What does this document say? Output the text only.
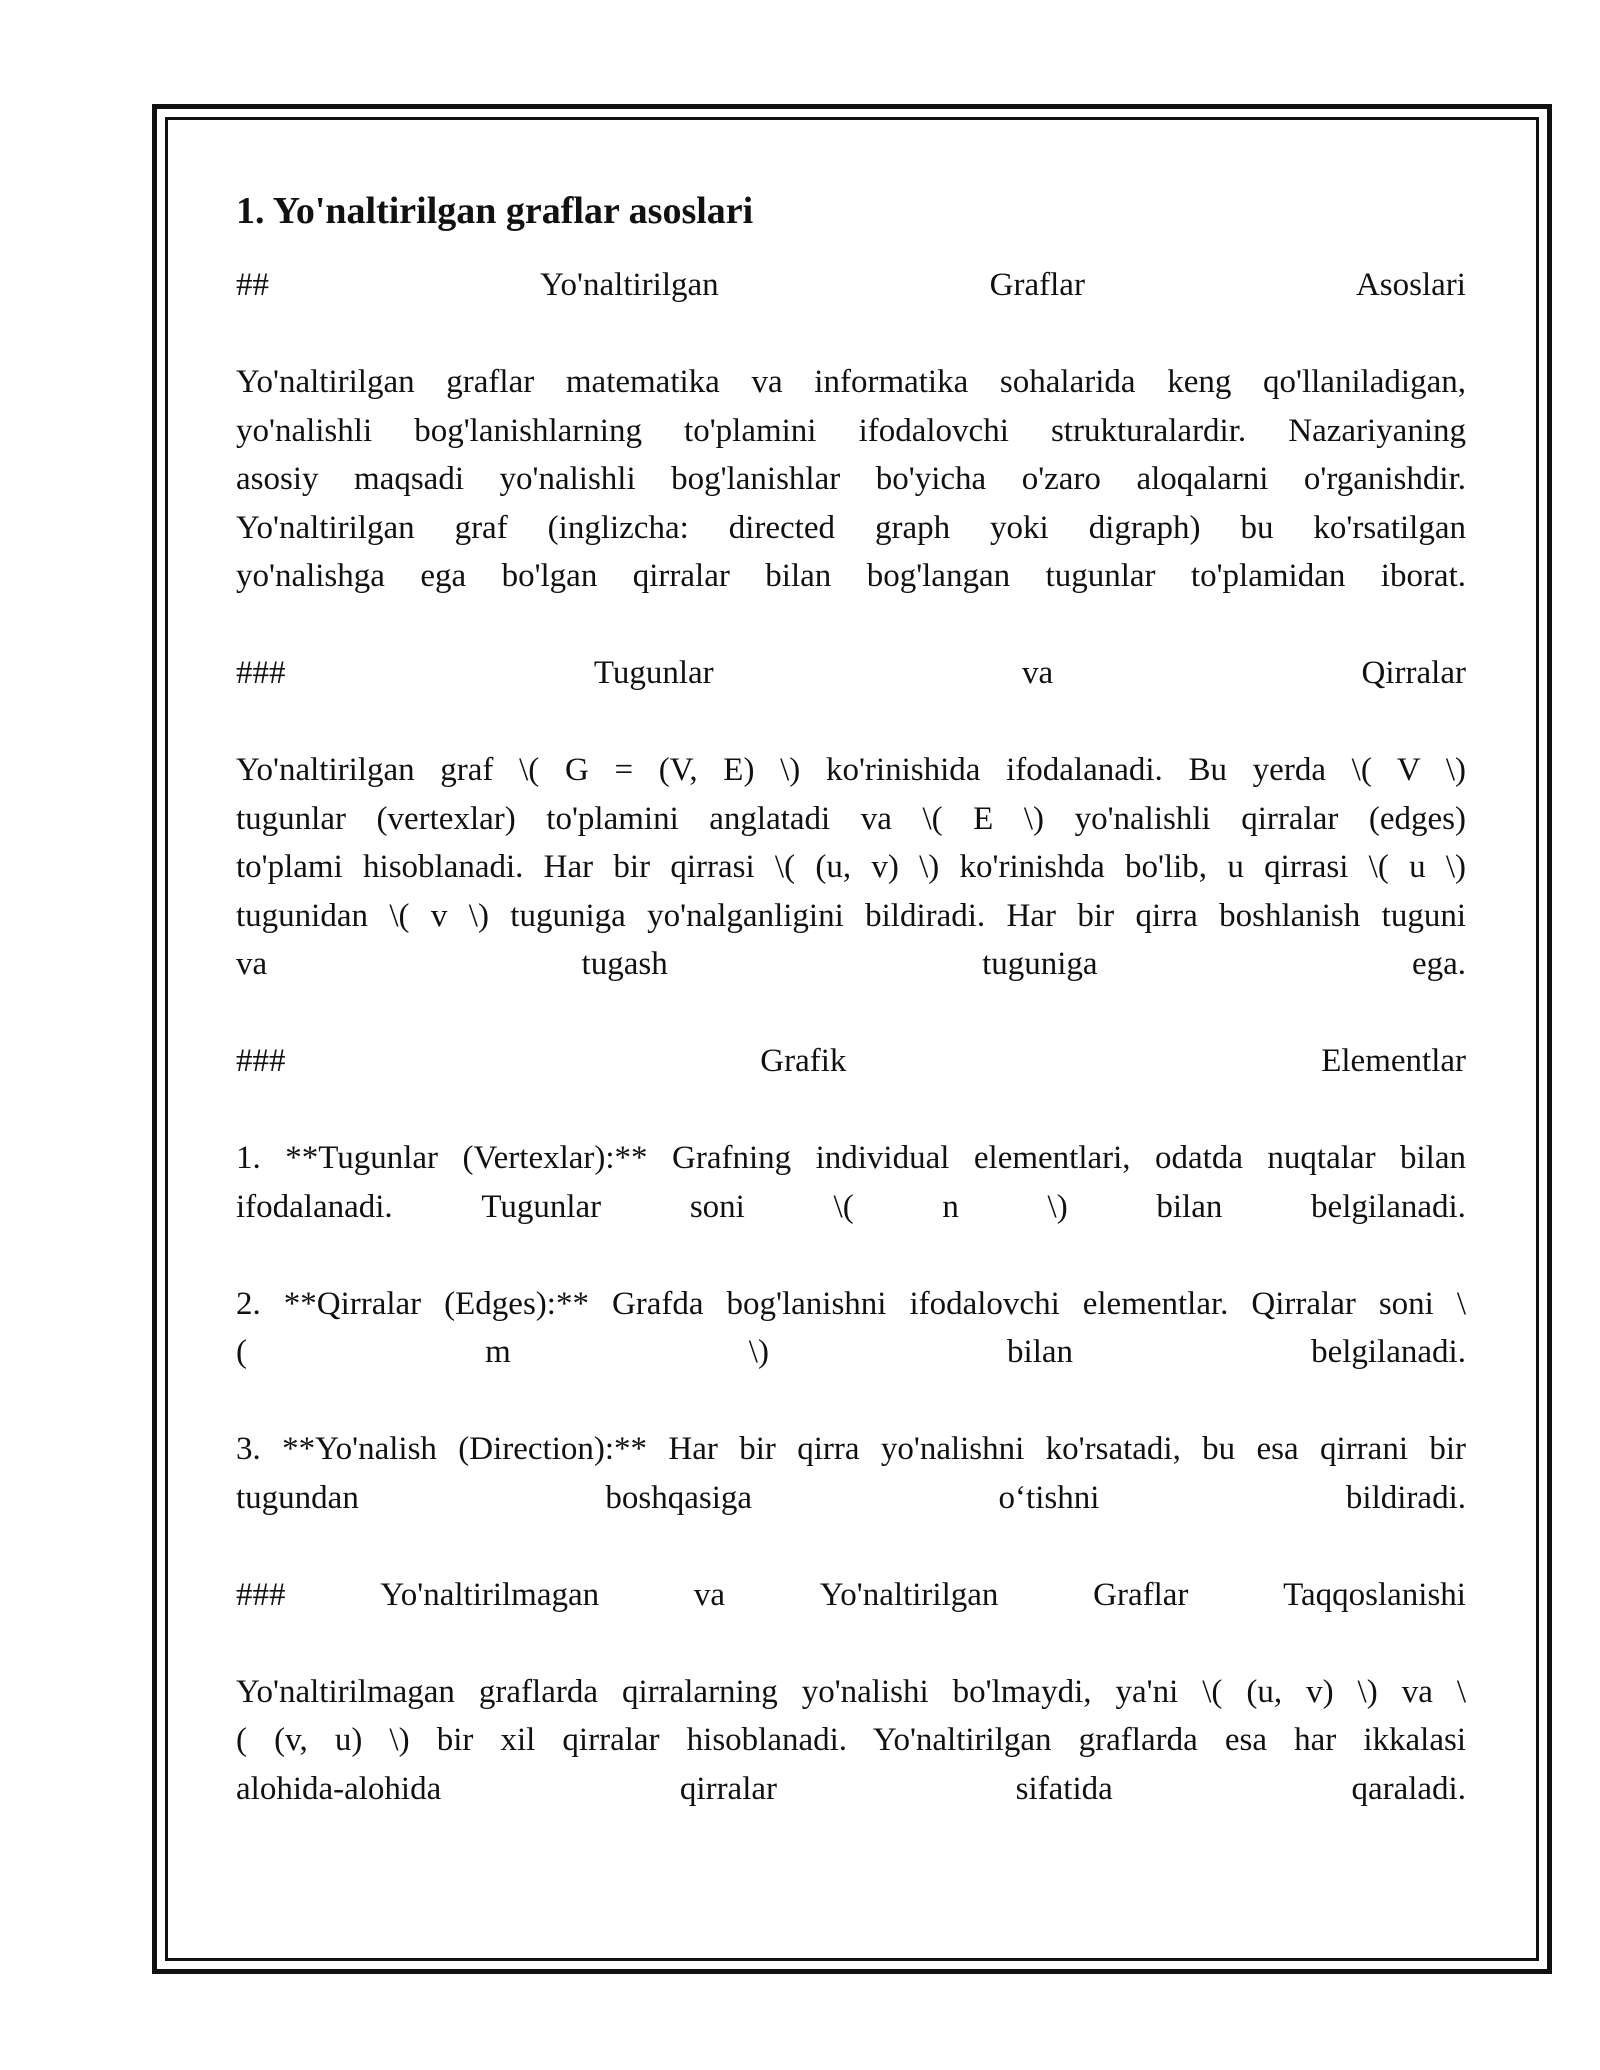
1. Yo'naltirilgan graflar asoslari
##	Yo'naltirilgan	Graflar	Asoslari
Yo'naltirilgan graflar matematika va informatika sohalarida keng qo'llaniladigan,
yo'nalishli bog'lanishlarning to'plamini ifodalovchi strukturalardir. Nazariyaning
asosiy maqsadi yo'nalishli bog'lanishlar bo'yicha o'zaro aloqalarni o'rganishdir.
Yo'naltirilgan graf (inglizcha: directed graph yoki digraph) bu ko'rsatilgan
yo'nalishga ega bo'lgan qirralar bilan bog'langan tugunlar to'plamidan iborat.
###	Tugunlar	va	Qirralar
Yo'naltirilgan graf \( G = (V, E) \) ko'rinishida ifodalanadi. Bu yerda \( V \)
tugunlar (vertexlar) to'plamini anglatadi va \( E \) yo'nalishli qirralar (edges)
to'plami hisoblanadi. Har bir qirrasi \( (u, v) \) ko'rinishda bo'lib, u qirrasi \( u \)
tugunidan \( v \) tuguniga yo'nalganligini bildiradi. Har bir qirra boshlanish tuguni
va	tugash	tuguniga	ega.
###	Grafik	Elementlar
1. **Tugunlar (Vertexlar):** Grafning individual elementlari, odatda nuqtalar bilan
ifodalanadi.	Tugunlar	soni	\(	n	\)	bilan	belgilanadi.
2. **Qirralar (Edges):** Grafda bog'lanishni ifodalovchi elementlar. Qirralar soni \
(	m	\)	bilan	belgilanadi.
3. **Yo'nalish (Direction):** Har bir qirra yo'nalishni ko'rsatadi, bu esa qirrani bir
tugundan	boshqasiga	o‘tishni	bildiradi.
###	Yo'naltirilmagan	va	Yo'naltirilgan	Graflar	Taqqoslanishi
Yo'naltirilmagan graflarda qirralarning yo'nalishi bo'lmaydi, ya'ni \( (u, v) \) va \
( (v, u) \) bir xil qirralar hisoblanadi. Yo'naltirilgan graflarda esa har ikkalasi
alohida-alohida	qirralar	sifatida	qaraladi.
